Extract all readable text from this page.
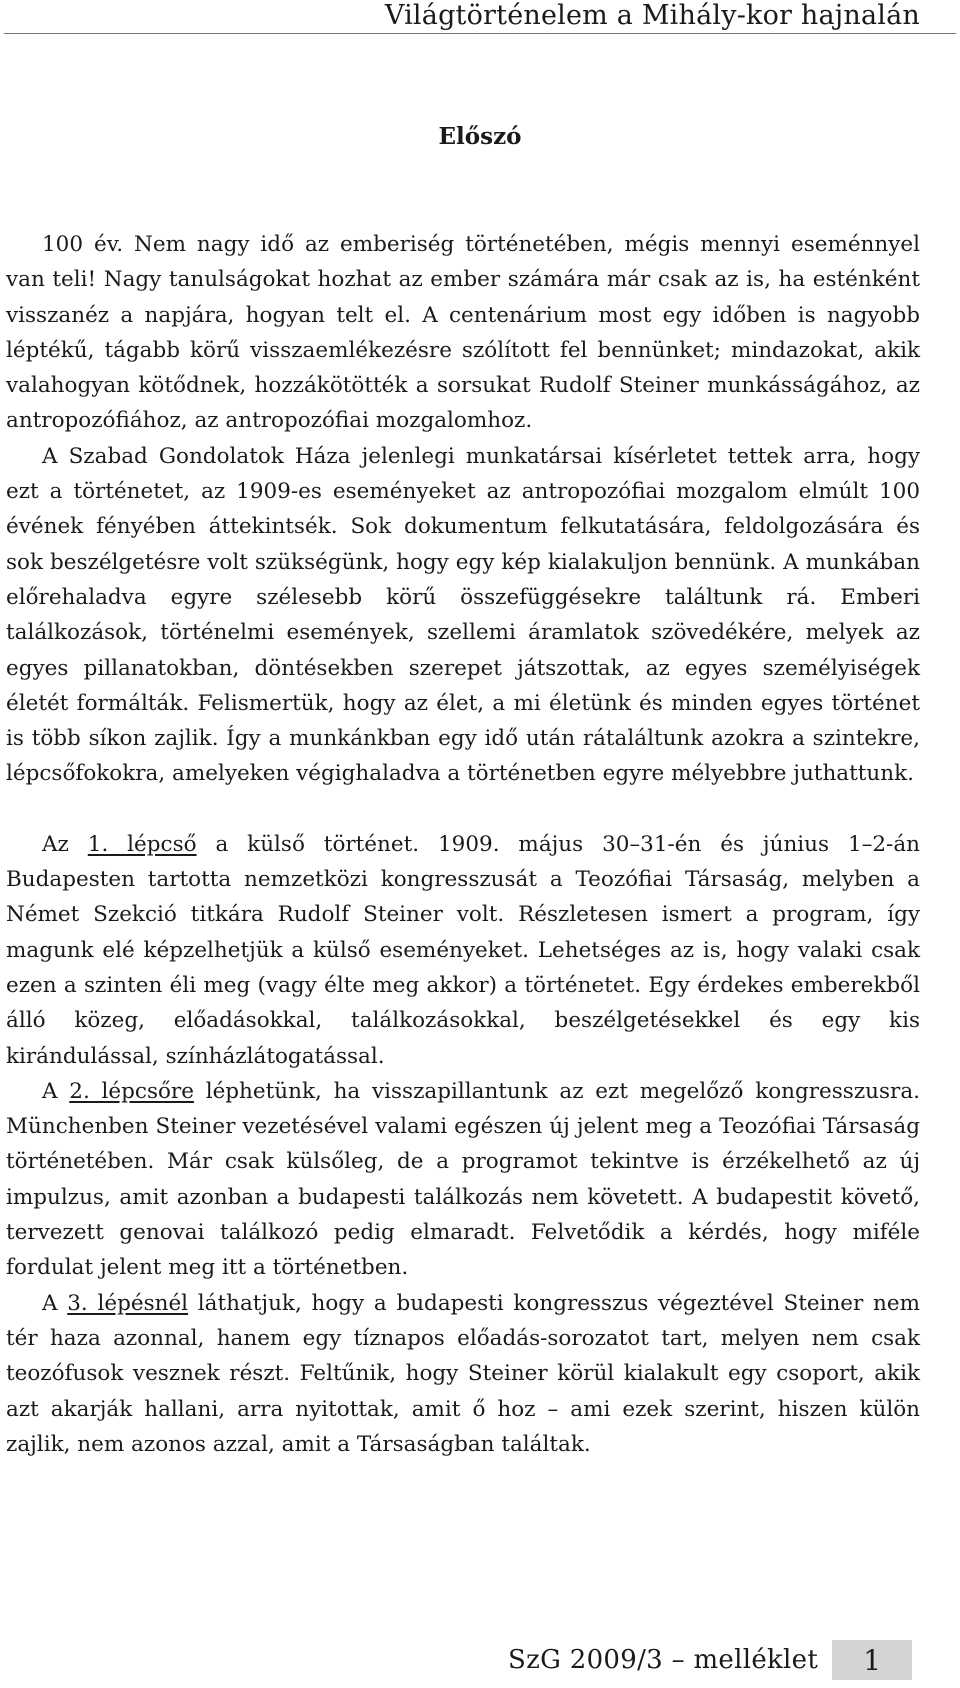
Világtörténelem a Mihály-kor hajnalán
Előszó

100 év. Nem nagy idő az emberiség történetében, mégis mennyi eseménnyel van teli! Nagy tanulságokat hozhat az ember számára már csak az is, ha esténként visszanéz a napjára, hogyan telt el. A centenárium most egy időben is nagyobb léptékű, tágabb körű visszaemlékezésre szólított fel bennünket; mindazokat, akik valahogyan kötődnek, hozzákötötték a sorsukat Rudolf Steiner munkásságához, az antropozófiához, az antropozófiai mozgalomhoz.

A Szabad Gondolatok Háza jelenlegi munkatársai kísérletet tettek arra, hogy ezt a történetet, az 1909-es eseményeket az antropozófiai mozgalom elmúlt 100 évének fényében áttekintsék. Sok dokumentum felkutatására, feldolgozására és sok beszélgetésre volt szükségünk, hogy egy kép kialakuljon bennünk. A munkában előrehaladva egyre szélesebb körű összefüggésekre találtunk rá. Emberi találkozások, történelmi események, szellemi áramlatok szövedékére, melyek az egyes pillanatokban, döntésekben szerepet játszottak, az egyes személyiségek életét formálták. Felismertük, hogy az élet, a mi életünk és minden egyes történet is több síkon zajlik. Így a munkánkban egy idő után rátaláltunk azokra a szintekre, lépcsőfokokra, amelyeken végighaladva a történetben egyre mélyebbre juthattunk.

Az 1. lépcső a külső történet. 1909. május 30–31-én és június 1–2-án Budapesten tartotta nemzetközi kongresszusát a Teozófiai Társaság, melyben a Német Szekció titkára Rudolf Steiner volt. Részletesen ismert a program, így magunk elé képzelhetjük a külső eseményeket. Lehetséges az is, hogy valaki csak ezen a szinten éli meg (vagy élte meg akkor) a történetet. Egy érdekes emberekből álló közeg, előadásokkal, találkozásokkal, beszélgetésekkel és egy kis kirándulással, színházlátogatással.

A 2. lépcsőre léphetünk, ha visszapillantunk az ezt megelőző kongresszusra. Münchenben Steiner vezetésével valami egészen új jelent meg a Teozófiai Társaság történetében. Már csak külsőleg, de a programot tekintve is érzékelhető az új impulzus, amit azonban a budapesti találkozás nem követett. A budapestit követő, tervezett genovai találkozó pedig elmaradt. Felvetődik a kérdés, hogy miféle fordulat jelent meg itt a történetben.

A 3. lépésnél láthatjuk, hogy a budapesti kongresszus végeztével Steiner nem tér haza azonnal, hanem egy tíznapos előadás-sorozatot tart, melyen nem csak teozófusok vesznek részt. Feltűnik, hogy Steiner körül kialakult egy csoport, akik azt akarják hallani, arra nyitottak, amit ő hoz – ami ezek szerint, hiszen külön zajlik, nem azonos azzal, amit a Társaságban találtak.

SzG 2009/3 – melléklet	1
